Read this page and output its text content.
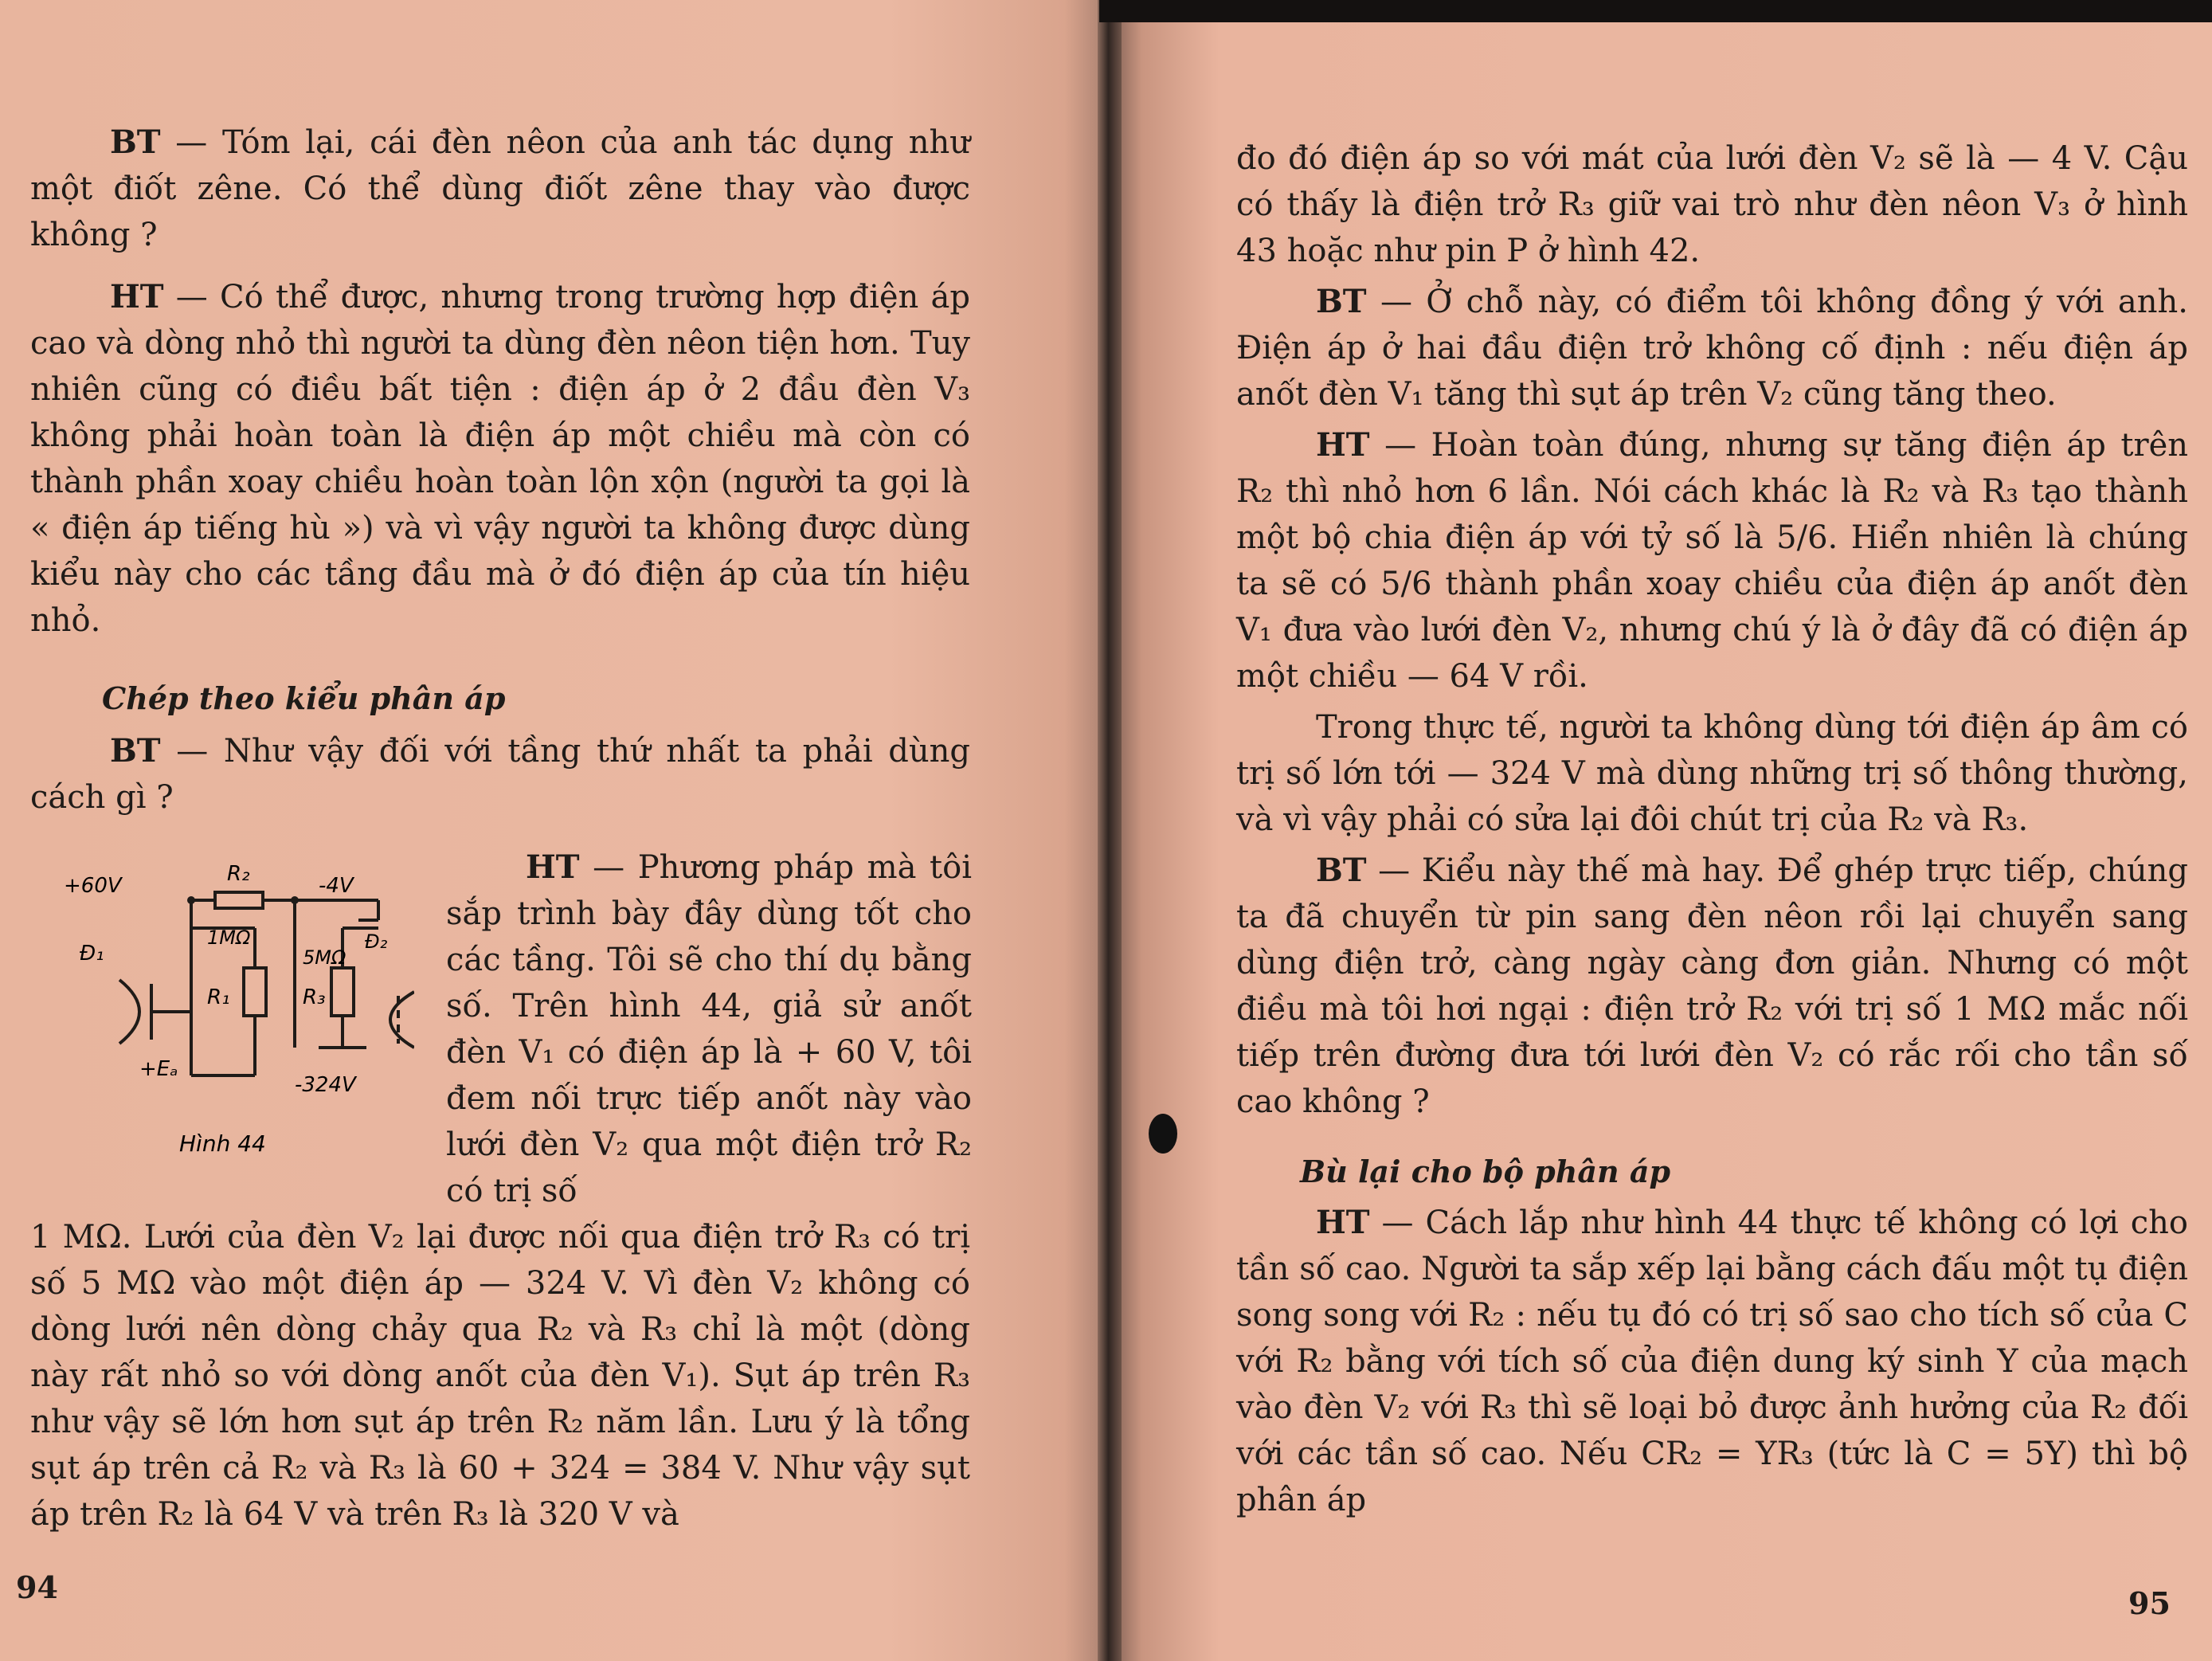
BT — Tóm lại, cái đèn nêon của anh tác dụng như một điốt zêne. Có thể dùng điốt zêne thay vào được không ?

HT — Có thể được, nhưng trong trường hợp điện áp cao và dòng nhỏ thì người ta dùng đèn nêon tiện hơn. Tuy nhiên cũng có điều bất tiện : điện áp ở 2 đầu đèn V₃ không phải hoàn toàn là điện áp một chiều mà còn có thành phần xoay chiều hoàn toàn lộn xộn (người ta gọi là « điện áp tiếng hù ») và vì vậy người ta không được dùng kiểu này cho các tầng đầu mà ở đó điện áp của tín hiệu nhỏ.

Chép theo kiểu phân áp

BT — Như vậy đối với tầng thứ nhất ta phải dùng cách gì ?

+60V	R₂	-4V
Đ₁
1MΩ
5MΩ
Đ₂
R₁	R₃
+Eₐ
-324V
Hình 44

HT — Phương pháp mà tôi sắp trình bày đây dùng tốt cho các tầng. Tôi sẽ cho thí dụ bằng số. Trên hình 44, giả sử anốt đèn V₁ có điện áp là + 60 V, tôi đem nối trực tiếp anốt này vào lưới đèn V₂ qua một điện trở R₂ có trị số

1 MΩ. Lưới của đèn V₂ lại được nối qua điện trở R₃ có trị số 5 MΩ vào một điện áp — 324 V. Vì đèn V₂ không có dòng lưới nên dòng chảy qua R₂ và R₃ chỉ là một (dòng này rất nhỏ so với dòng anốt của đèn V₁). Sụt áp trên R₃ như vậy sẽ lớn hơn sụt áp trên R₂ năm lần. Lưu ý là tổng sụt áp trên cả R₂ và R₃ là 60 + 324 = 384 V. Như vậy sụt áp trên R₂ là 64 V và trên R₃ là 320 V và

94

đo đó điện áp so với mát của lưới đèn V₂ sẽ là — 4 V. Cậu có thấy là điện trở R₃ giữ vai trò như đèn nêon V₃ ở hình 43 hoặc như pin P ở hình 42.

BT — Ở chỗ này, có điểm tôi không đồng ý với anh. Điện áp ở hai đầu điện trở không cố định : nếu điện áp anốt đèn V₁ tăng thì sụt áp trên V₂ cũng tăng theo.

HT — Hoàn toàn đúng, nhưng sự tăng điện áp trên R₂ thì nhỏ hơn 6 lần. Nói cách khác là R₂ và R₃ tạo thành một bộ chia điện áp với tỷ số là 5/6. Hiển nhiên là chúng ta sẽ có 5/6 thành phần xoay chiều của điện áp anốt đèn V₁ đưa vào lưới đèn V₂, nhưng chú ý là ở đây đã có điện áp một chiều — 64 V rồi.

Trong thực tế, người ta không dùng tới điện áp âm có trị số lớn tới — 324 V mà dùng những trị số thông thường, và vì vậy phải có sửa lại đôi chút trị của R₂ và R₃.

BT — Kiểu này thế mà hay. Để ghép trực tiếp, chúng ta đã chuyển từ pin sang đèn nêon rồi lại chuyển sang dùng điện trở, càng ngày càng đơn giản. Nhưng có một điều mà tôi hơi ngại : điện trở R₂ với trị số 1 MΩ mắc nối tiếp trên đường đưa tới lưới đèn V₂ có rắc rối cho tần số cao không ?

Bù lại cho bộ phân áp

HT — Cách lắp như hình 44 thực tế không có lợi cho tần số cao. Người ta sắp xếp lại bằng cách đấu một tụ điện song song với R₂ : nếu tụ đó có trị số sao cho tích số của C với R₂ bằng với tích số của điện dung ký sinh Y của mạch vào đèn V₂ với R₃ thì sẽ loại bỏ được ảnh hưởng của R₂ đối với các tần số cao. Nếu CR₂ = YR₃ (tức là C = 5Y) thì bộ phân áp

95
